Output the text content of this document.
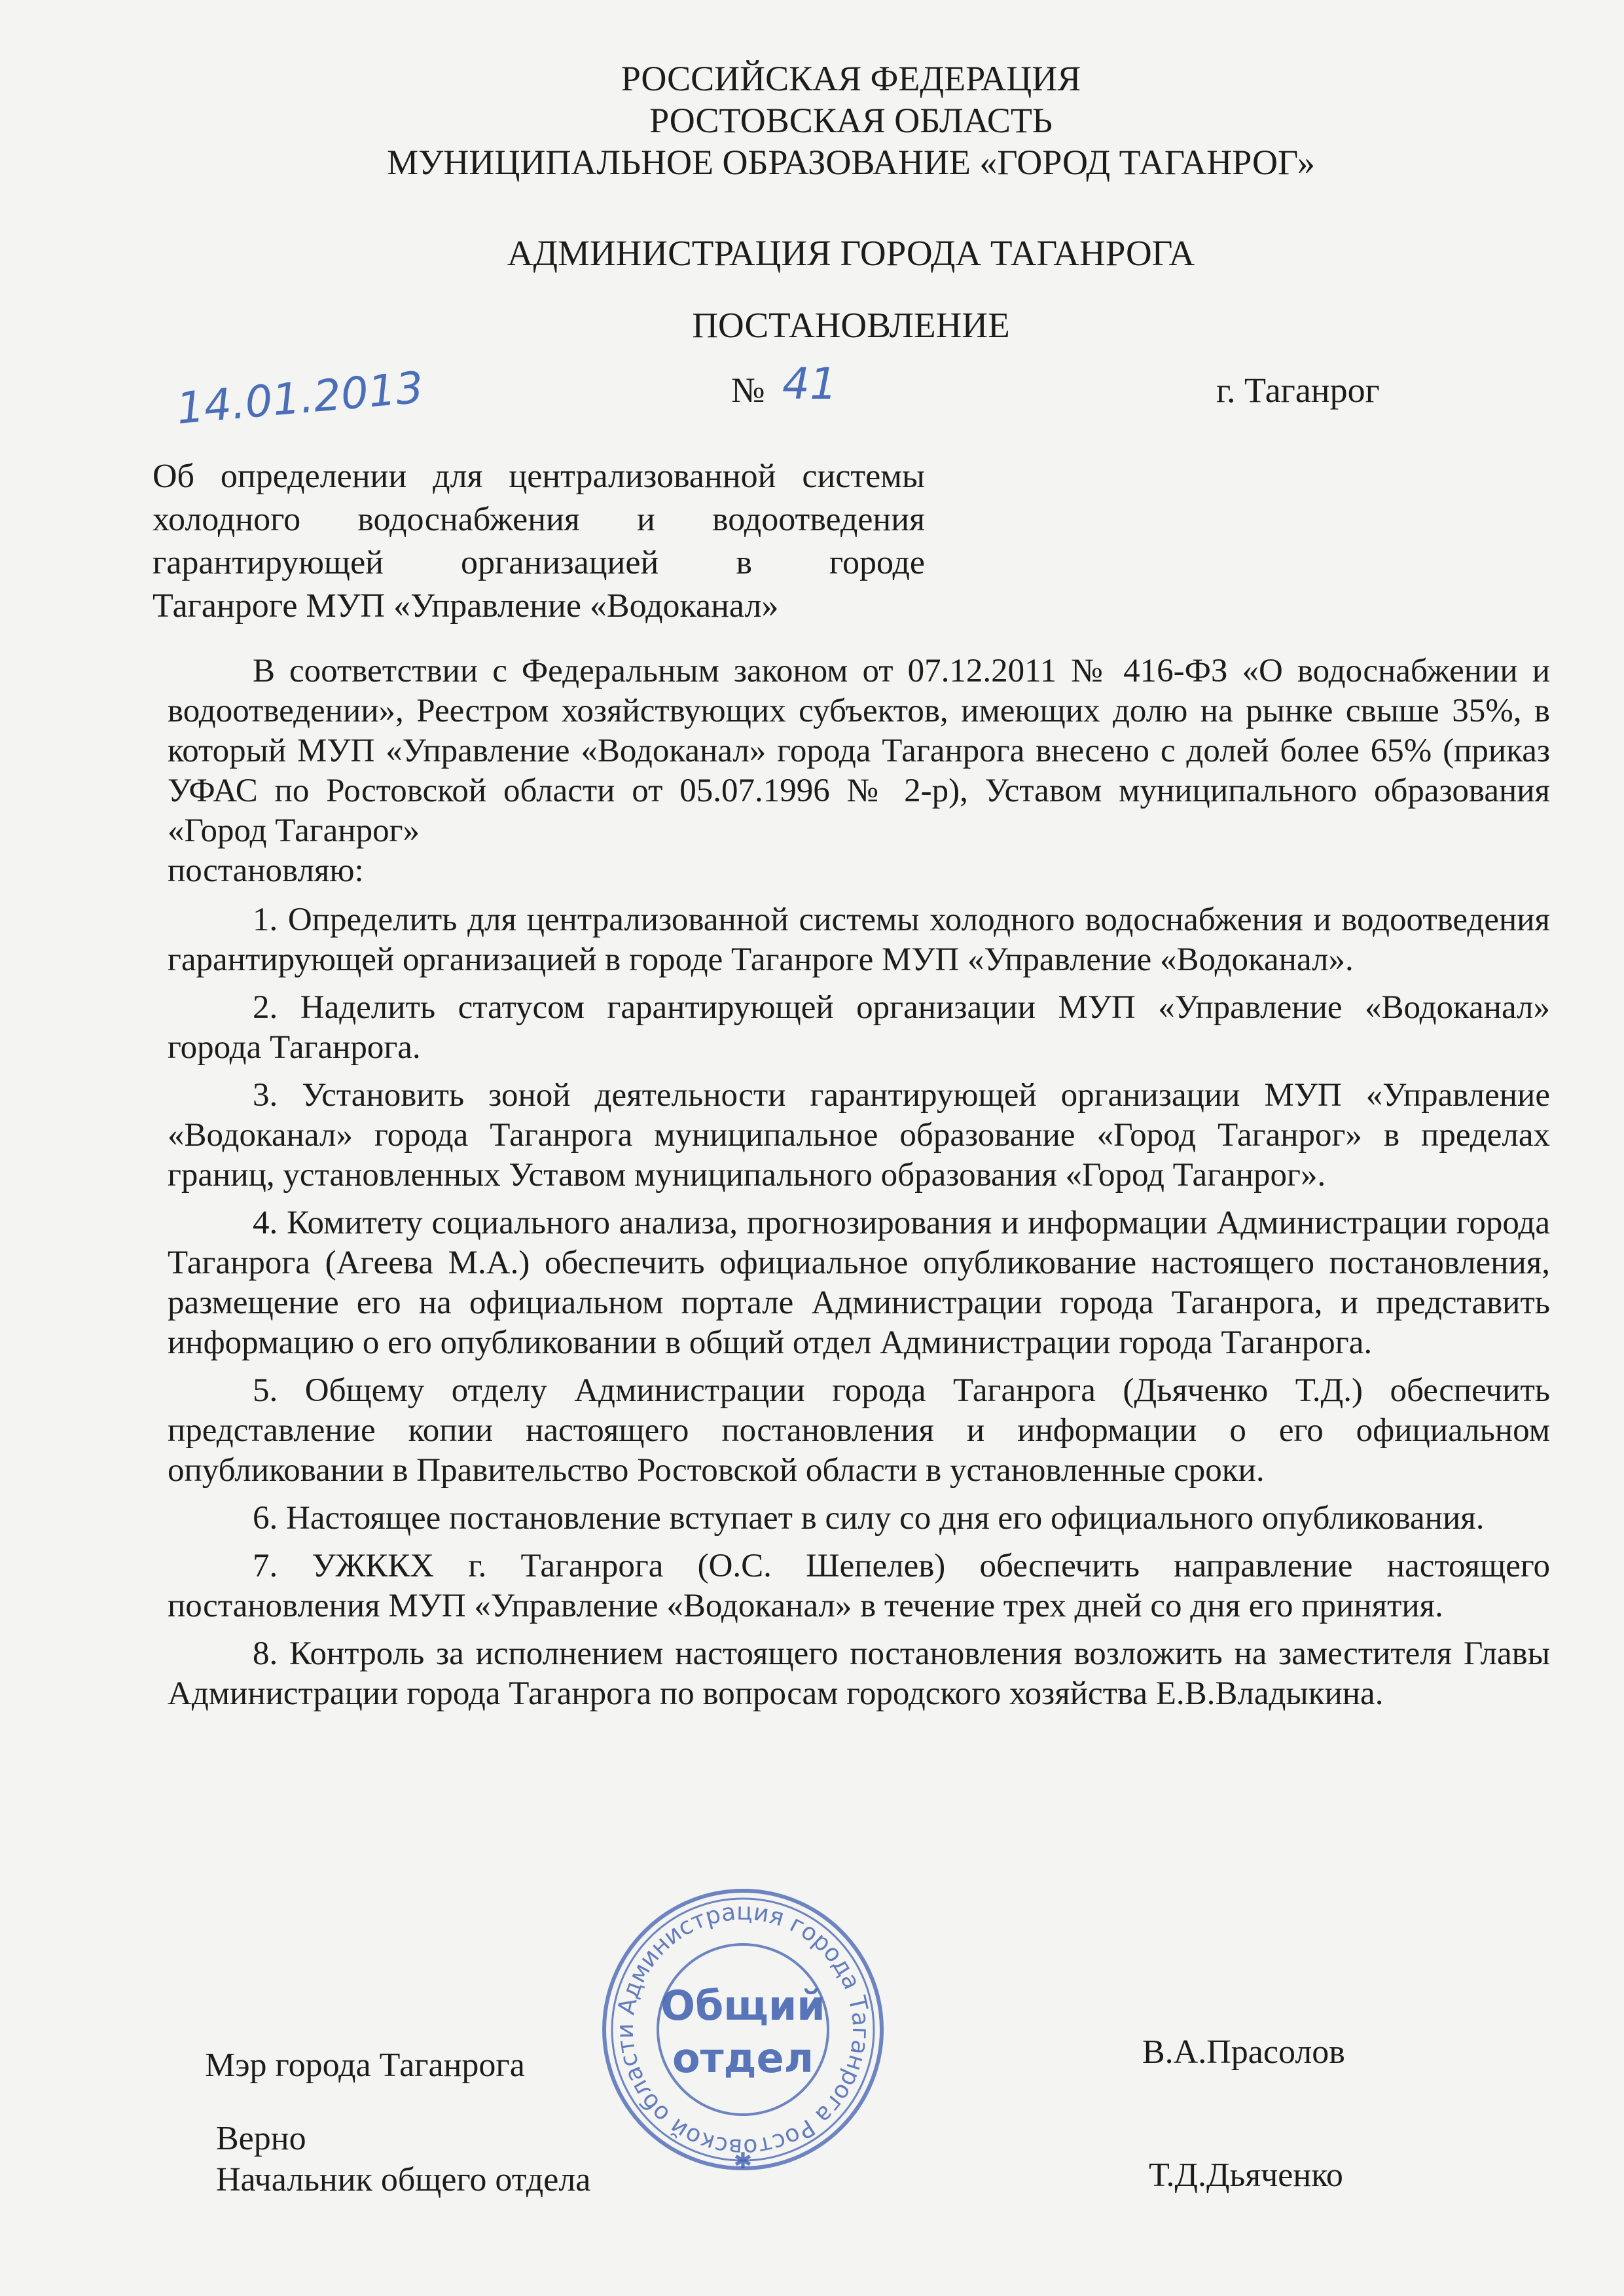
РОССИЙСКАЯ ФЕДЕРАЦИЯ
РОСТОВСКАЯ ОБЛАСТЬ
МУНИЦИПАЛЬНОЕ ОБРАЗОВАНИЕ «ГОРОД ТАГАНРОГ»
АДМИНИСТРАЦИЯ ГОРОДА ТАГАНРОГА
ПОСТАНОВЛЕНИЕ
14.01.2013	№ 41	г. Таганрог
Об определении для централизованной системы
холодного водоснабжения и водоотведения
гарантирующей организацией в городе
Таганроге МУП «Управление «Водоканал»

В соответствии с Федеральным законом от 07.12.2011 № 416-ФЗ «О водоснабжении и водоотведении», Реестром хозяйствующих субъектов, имеющих долю на рынке свыше 35%, в который МУП «Управление «Водоканал» города Таганрога внесено с долей более 65% (приказ УФАС по Ростовской области от 05.07.1996 № 2-р), Уставом муниципального образования «Город Таганрог»

постановляю:

1. Определить для централизованной системы холодного водоснабжения и водоотведения гарантирующей организацией в городе Таганроге МУП «Управление «Водоканал».

2. Наделить статусом гарантирующей организации МУП «Управление «Водоканал» города Таганрога.

3. Установить зоной деятельности гарантирующей организации МУП «Управление «Водоканал» города Таганрога муниципальное образование «Город Таганрог» в пределах границ, установленных Уставом муниципального образования «Город Таганрог».

4. Комитету социального анализа, прогнозирования и информации Администрации города Таганрога (Агеева М.А.) обеспечить официальное опубликование настоящего постановления, размещение его на официальном портале Администрации города Таганрога, и представить информацию о его опубликовании в общий отдел Администрации города Таганрога.

5. Общему отделу Администрации города Таганрога (Дьяченко Т.Д.) обеспечить представление копии настоящего постановления и информации о его официальном опубликовании в Правительство Ростовской области в установленные сроки.

6. Настоящее постановление вступает в силу со дня его официального опубликования.

7. УЖККХ г. Таганрога (О.С. Шепелев) обеспечить направление настоящего постановления МУП «Управление «Водоканал» в течение трех дней со дня его принятия.

8. Контроль за исполнением настоящего постановления возложить на заместителя Главы Администрации города Таганрога по вопросам городского хозяйства Е.В.Владыкина.

Мэр города Таганрога	В.А.Прасолов
Верно
Начальник общего отдела	Т.Д.Дьяченко
Администрация города Таганрога Ростовской области
Общий
отдел
✱
